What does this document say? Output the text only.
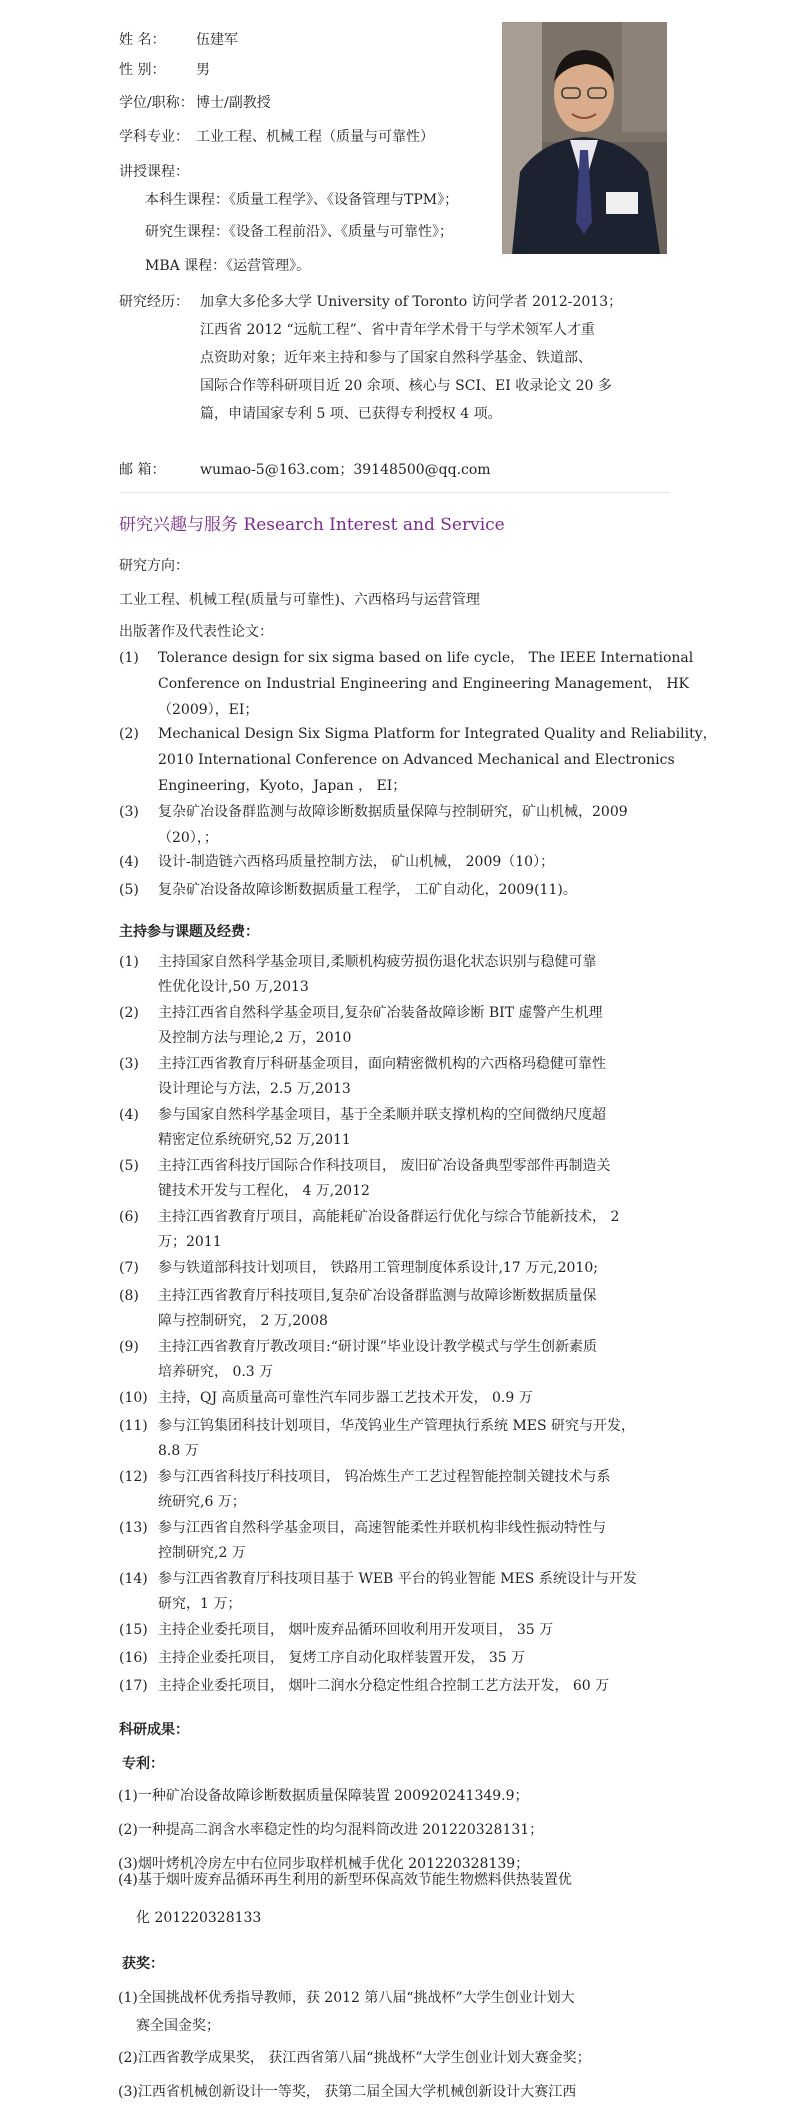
姓 名： 伍建军
性 别： 男
学位/职称： 博士/副教授
学科专业： 工业工程、机械工程（质量与可靠性）
讲授课程：
本科生课程：《质量工程学》、《设备管理与TPM》；
研究生课程：《设备工程前沿》、《质量与可靠性》；
MBA 课程：《运营管理》。
研究经历： 加拿大多伦多大学 University of Toronto 访问学者 2012-2013；
江西省 2012 “远航工程”、省中青年学术骨干与学术领军人才重
点资助对象；近年来主持和参与了国家自然科学基金、铁道部、
国际合作等科研项目近 20 余项、核心与 SCI、EI 收录论文 20 多
篇，申请国家专利 5 项、已获得专利授权 4 项。
邮 箱： wumao-5@163.com；39148500@qq.com
研究兴趣与服务 Research Interest and Service
研究方向：
工业工程、机械工程(质量与可靠性)、六西格玛与运营管理
出版著作及代表性论文：
(1) Tolerance design for six sigma based on life cycle， The IEEE International
Conference on Industrial Engineering and Engineering Management， HK
（2009），EI；
(2) Mechanical Design Six Sigma Platform for Integrated Quality and Reliability，
2010 International Conference on Advanced Mechanical and Electronics
Engineering，Kyoto，Japan ， EI；
(3) 复杂矿冶设备群监测与故障诊断数据质量保障与控制研究，矿山机械，2009
（20），；
(4) 设计-制造链六西格玛质量控制方法， 矿山机械， 2009（10）；
(5) 复杂矿冶设备故障诊断数据质量工程学， 工矿自动化，2009(11)。
主持参与课题及经费：
(1) 主持国家自然科学基金项目,柔顺机构疲劳损伤退化状态识别与稳健可靠
性优化设计,50 万,2013
(2) 主持江西省自然科学基金项目,复杂矿冶装备故障诊断 BIT 虚警产生机理
及控制方法与理论,2 万，2010
(3) 主持江西省教育厅科研基金项目，面向精密微机构的六西格玛稳健可靠性
设计理论与方法，2.5 万,2013
(4) 参与国家自然科学基金项目，基于全柔顺并联支撑机构的空间微纳尺度超
精密定位系统研究,52 万,2011
(5) 主持江西省科技厅国际合作科技项目， 废旧矿冶设备典型零部件再制造关
键技术开发与工程化， 4 万,2012
(6) 主持江西省教育厅项目，高能耗矿冶设备群运行优化与综合节能新技术， 2
万；2011
(7) 参与铁道部科技计划项目， 铁路用工管理制度体系设计,17 万元,2010;
(8) 主持江西省教育厅科技项目,复杂矿冶设备群监测与故障诊断数据质量保
障与控制研究， 2 万,2008
(9) 主持江西省教育厅教改项目:“研讨课”毕业设计教学模式与学生创新素质
培养研究， 0.3 万
(10) 主持，QJ 高质量高可靠性汽车同步器工艺技术开发， 0.9 万
(11) 参与江钨集团科技计划项目，华茂钨业生产管理执行系统 MES 研究与开发，
8.8 万
(12) 参与江西省科技厅科技项目， 钨冶炼生产工艺过程智能控制关键技术与系
统研究,6 万；
(13) 参与江西省自然科学基金项目，高速智能柔性并联机构非线性振动特性与
控制研究,2 万
(14) 参与江西省教育厅科技项目基于 WEB 平台的钨业智能 MES 系统设计与开发
研究，1 万；
(15) 主持企业委托项目， 烟叶废弃品循环回收利用开发项目， 35 万
(16) 主持企业委托项目， 复烤工序自动化取样装置开发， 35 万
(17) 主持企业委托项目， 烟叶二润水分稳定性组合控制工艺方法开发， 60 万
科研成果：
专利：
(1)一种矿冶设备故障诊断数据质量保障装置 200920241349.9；
(2)一种提高二润含水率稳定性的均匀混料筒改进 201220328131；
(3)烟叶烤机冷房左中右位同步取样机械手优化 201220328139；
(4)基于烟叶废弃品循环再生利用的新型环保高效节能生物燃料供热装置优
化 201220328133
获奖：
(1)全国挑战杯优秀指导教师，获 2012 第八届“挑战杯”大学生创业计划大
赛全国金奖；
(2)江西省教学成果奖， 获江西省第八届“挑战杯”大学生创业计划大赛金奖；
(3)江西省机械创新设计一等奖， 获第二届全国大学机械创新设计大赛江西
